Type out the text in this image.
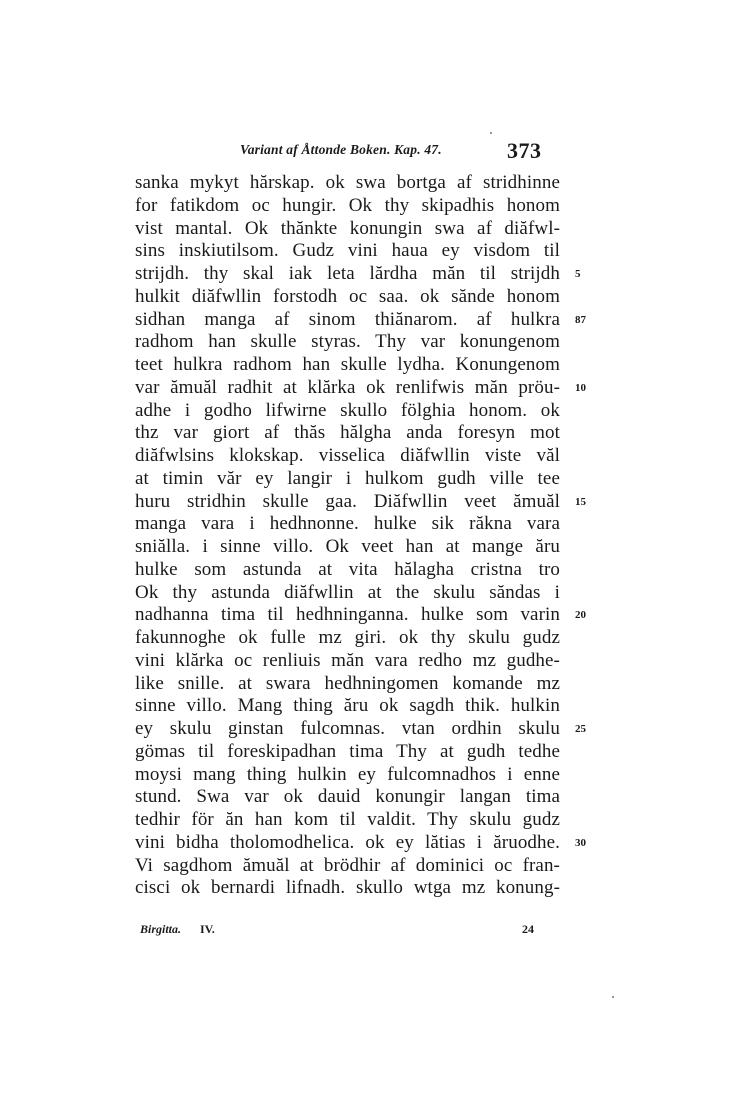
Variant af Åttonde Boken. Kap. 47.	373
sanka mykyt hărskap. ok swa bortga af stridhinne
for fatikdom oc hungir. Ok thy skipadhis honom
vist mantal. Ok thănkte konungin swa af diăfwl-
sins inskiutilsom. Gudz vini haua ey visdom til
strijdh. thy skal iak leta lărdha măn til strijdh
hulkit diăfwllin forstodh oc saa. ok sănde honom
sidhan manga af sinom thiănarom. af hulkra
radhom han skulle styras. Thy var konungenom
teet hulkra radhom han skulle lydha. Konungenom
var ămuăl radhit at klărka ok renlifwis măn pröu-
adhe i godho lifwirne skullo fölghia honom. ok
thz var giort af thăs hălgha anda foresyn mot
diăfwlsins klokskap. visselica diăfwllin viste văl
at timin văr ey langir i hulkom gudh ville tee
huru stridhin skulle gaa. Diăfwllin veet ămuăl
manga vara i hedhnonne. hulke sik răkna vara
sniălla. i sinne villo. Ok veet han at mange ăru
hulke som astunda at vita hălagha cristna tro
Ok thy astunda diăfwllin at the skulu săndas i
nadhanna tima til hedhninganna. hulke som varin
fakunnoghe ok fulle mz giri. ok thy skulu gudz
vini klărka oc renliuis măn vara redho mz gudhe-
like snille. at swara hedhningomen komande mz
sinne villo. Mang thing ăru ok sagdh thik. hulkin
ey skulu ginstan fulcomnas. vtan ordhin skulu
gömas til foreskipadhan tima Thy at gudh tedhe
moysi mang thing hulkin ey fulcomnadhos i enne
stund. Swa var ok dauid konungir langan tima
tedhir för ăn han kom til valdit. Thy skulu gudz
vini bidha tholomodhelica. ok ey lătias i ăruodhe.
Vi sagdhom ămuăl at brödhir af dominici oc fran-
cisci ok bernardi lifnadh. skullo wtga mz konung-
5
87
10
15
20
25
30
Birgitta. IV.	24
